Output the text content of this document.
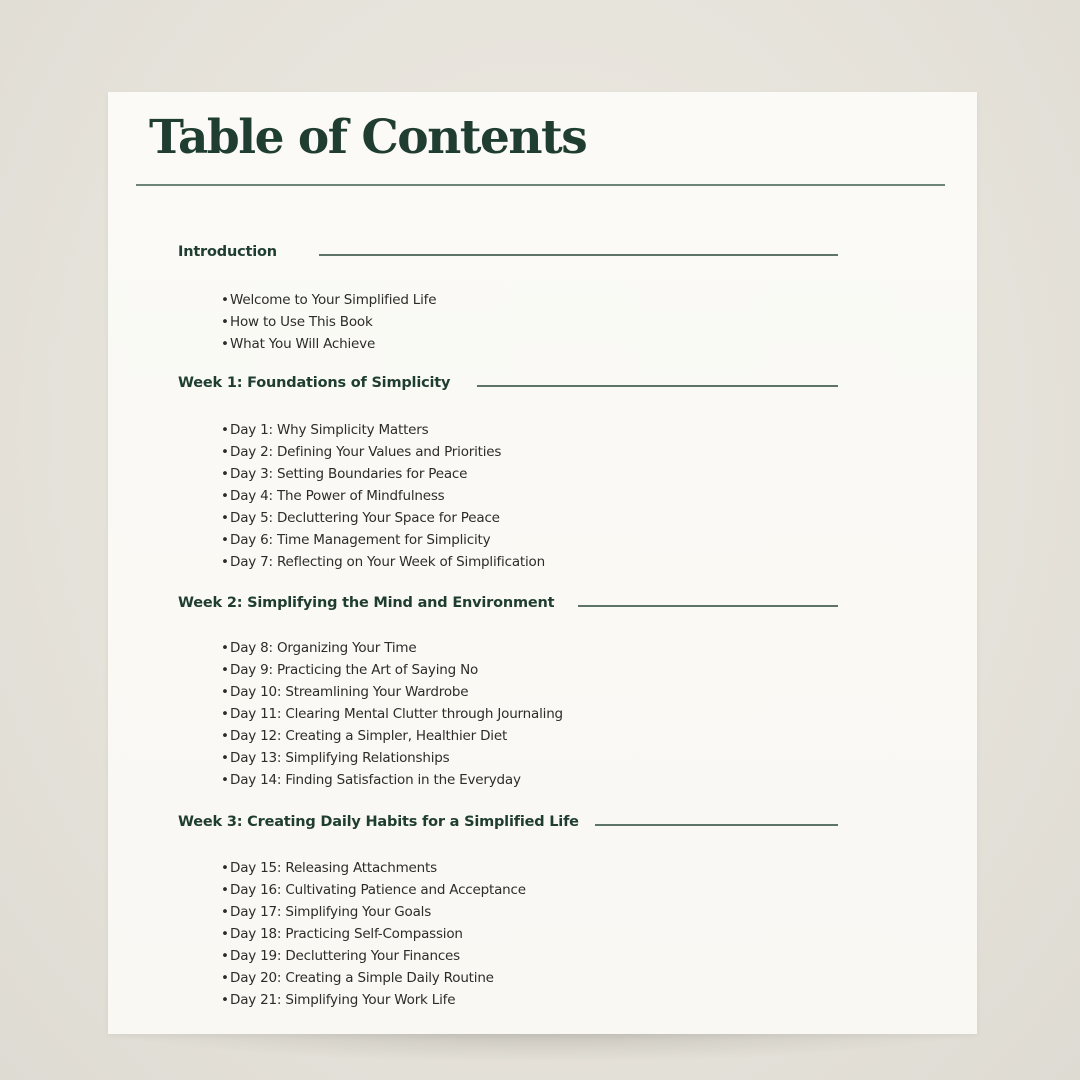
Table of Contents
Introduction
•Welcome to Your Simplified Life
•How to Use This Book
•What You Will Achieve
Week 1: Foundations of Simplicity
•Day 1: Why Simplicity Matters
•Day 2: Defining Your Values and Priorities
•Day 3: Setting Boundaries for Peace
•Day 4: The Power of Mindfulness
•Day 5: Decluttering Your Space for Peace
•Day 6: Time Management for Simplicity
•Day 7: Reflecting on Your Week of Simplification
Week 2: Simplifying the Mind and Environment
•Day 8: Organizing Your Time
•Day 9: Practicing the Art of Saying No
•Day 10: Streamlining Your Wardrobe
•Day 11: Clearing Mental Clutter through Journaling
•Day 12: Creating a Simpler, Healthier Diet
•Day 13: Simplifying Relationships
•Day 14: Finding Satisfaction in the Everyday
Week 3: Creating Daily Habits for a Simplified Life
•Day 15: Releasing Attachments
•Day 16: Cultivating Patience and Acceptance
•Day 17: Simplifying Your Goals
•Day 18: Practicing Self-Compassion
•Day 19: Decluttering Your Finances
•Day 20: Creating a Simple Daily Routine
•Day 21: Simplifying Your Work Life
